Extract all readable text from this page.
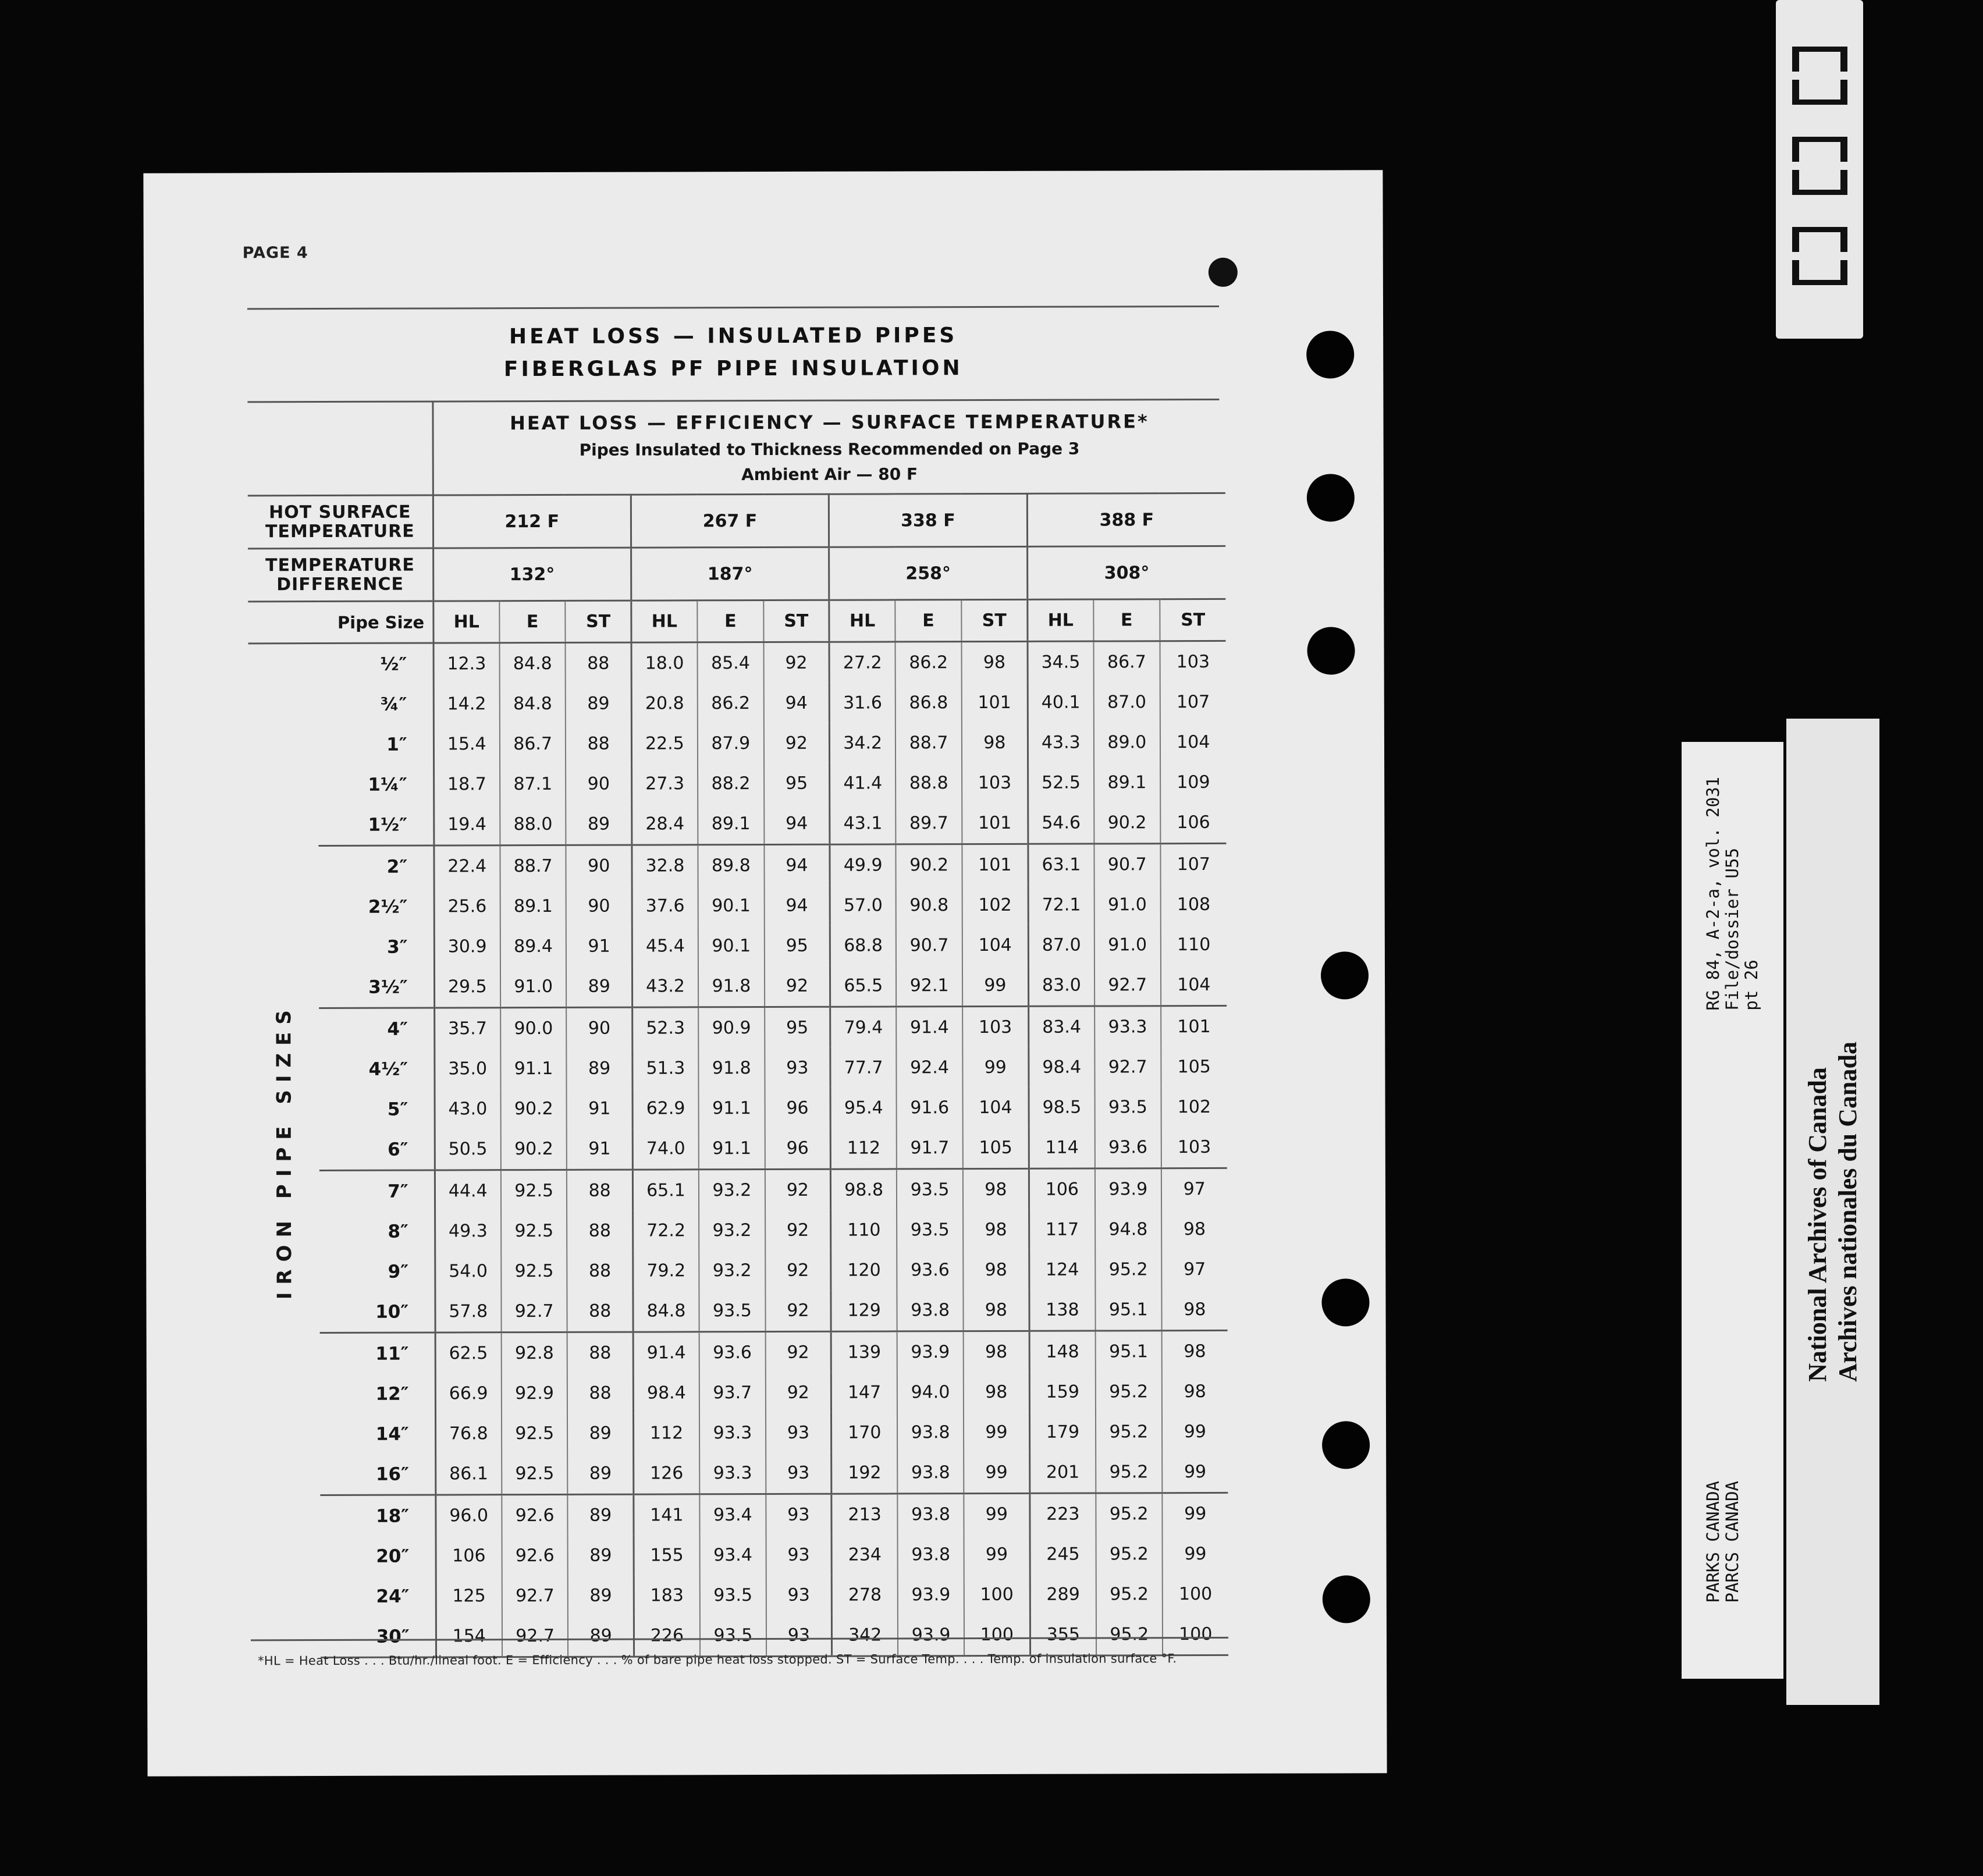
PAGE 4
HEAT LOSS — INSULATED PIPES
FIBERGLAS PF PIPE INSULATION

		HEAT LOSS — EFFICIENCY — SURFACE TEMPERATURE*
Pipes Insulated to Thickness Recommended on Page 3
Ambient Air — 80 F											

HOT SURFACE TEMPERATURE		212 F			267 F			338 F			388 F		
TEMPERATURE DIFFERENCE		132°			187°			258°			308°		
	Pipe Size	HL	E	ST	HL	E	ST	HL	E	ST	HL	E	ST

IRON PIPE SIZES	½″	12.3	84.8	88	18.0	85.4	92	27.2	86.2	98	34.5	86.7	103
	¾″	14.2	84.8	89	20.8	86.2	94	31.6	86.8	101	40.1	87.0	107
	1″	15.4	86.7	88	22.5	87.9	92	34.2	88.7	98	43.3	89.0	104
	1¼″	18.7	87.1	90	27.3	88.2	95	41.4	88.8	103	52.5	89.1	109
	1½″	19.4	88.0	89	28.4	89.1	94	43.1	89.7	101	54.6	90.2	106
	2″	22.4	88.7	90	32.8	89.8	94	49.9	90.2	101	63.1	90.7	107
	2½″	25.6	89.1	90	37.6	90.1	94	57.0	90.8	102	72.1	91.0	108
	3″	30.9	89.4	91	45.4	90.1	95	68.8	90.7	104	87.0	91.0	110
	3½″	29.5	91.0	89	43.2	91.8	92	65.5	92.1	99	83.0	92.7	104
	4″	35.7	90.0	90	52.3	90.9	95	79.4	91.4	103	83.4	93.3	101
	4½″	35.0	91.1	89	51.3	91.8	93	77.7	92.4	99	98.4	92.7	105
	5″	43.0	90.2	91	62.9	91.1	96	95.4	91.6	104	98.5	93.5	102
	6″	50.5	90.2	91	74.0	91.1	96	112	91.7	105	114	93.6	103
	7″	44.4	92.5	88	65.1	93.2	92	98.8	93.5	98	106	93.9	97
	8″	49.3	92.5	88	72.2	93.2	92	110	93.5	98	117	94.8	98
	9″	54.0	92.5	88	79.2	93.2	92	120	93.6	98	124	95.2	97
	10″	57.8	92.7	88	84.8	93.5	92	129	93.8	98	138	95.1	98
	11″	62.5	92.8	88	91.4	93.6	92	139	93.9	98	148	95.1	98
	12″	66.9	92.9	88	98.4	93.7	92	147	94.0	98	159	95.2	98
	14″	76.8	92.5	89	112	93.3	93	170	93.8	99	179	95.2	99
	16″	86.1	92.5	89	126	93.3	93	192	93.8	99	201	95.2	99
	18″	96.0	92.6	89	141	93.4	93	213	93.8	99	223	95.2	99
	20″	106	92.6	89	155	93.4	93	234	93.8	99	245	95.2	99
	24″	125	92.7	89	183	93.5	93	278	93.9	100	289	95.2	100
	30″	154	92.7	89	226	93.5	93	342	93.9	100	355	95.2	100
*HL = Heat Loss . . . Btu/hr./lineal foot. E = Efficiency . . . % of bare pipe heat loss stopped. ST = Surface Temp. . . . Temp. of insulation surface °F.
RG 84, A-2-a, vol. 2031 File/dossier U55 pt 26
PARKS CANADA PARCS CANADA
National Archives of Canada Archives nationales du Canada
